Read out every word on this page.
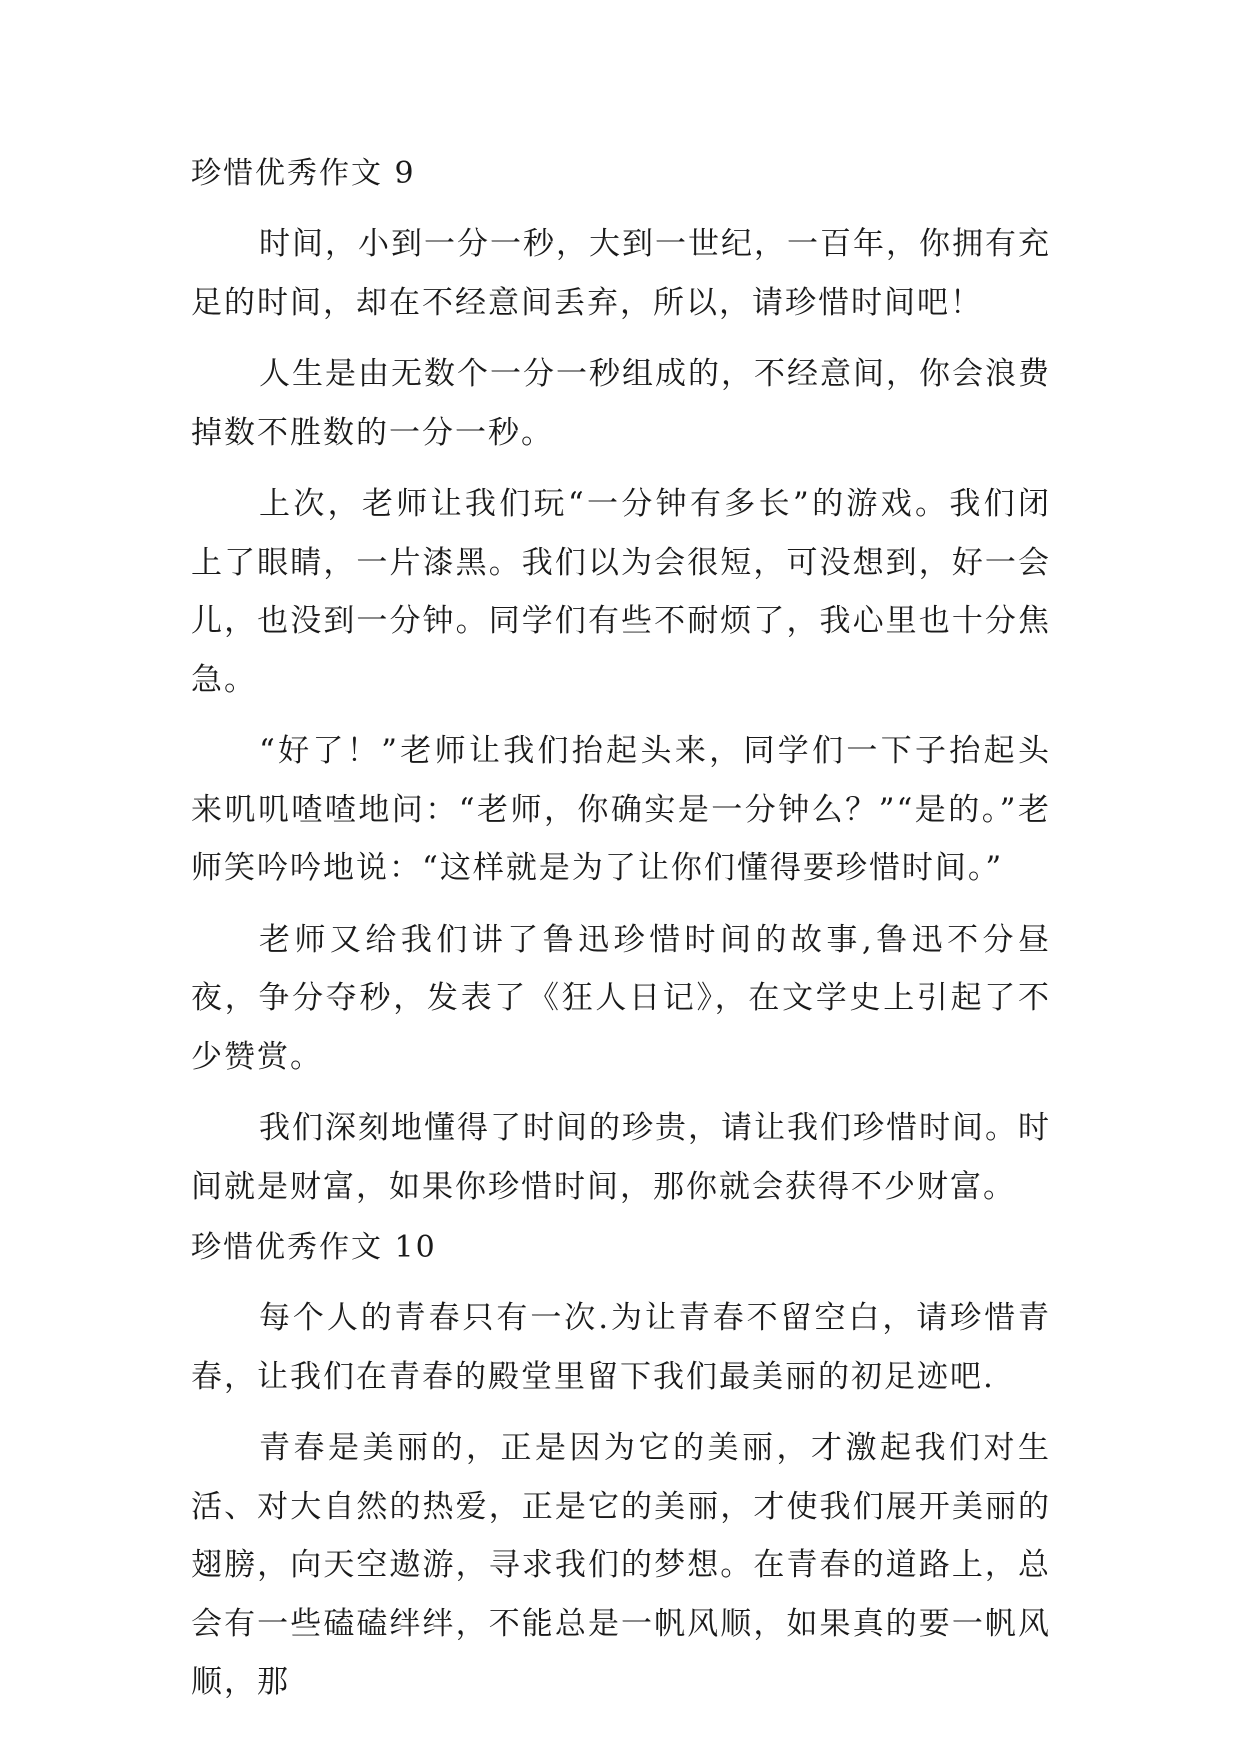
珍惜优秀作文 9

时间，小到一分一秒，大到一世纪，一百年，你拥有充足的时间，却在不经意间丢弃，所以，请珍惜时间吧！

人生是由无数个一分一秒组成的，不经意间，你会浪费掉数不胜数的一分一秒。

上次，老师让我们玩“一分钟有多长”的游戏。我们闭上了眼睛，一片漆黑。我们以为会很短，可没想到，好一会儿，也没到一分钟。同学们有些不耐烦了，我心里也十分焦急。

“好了！”老师让我们抬起头来，同学们一下子抬起头来叽叽喳喳地问：“老师，你确实是一分钟么？”“是的。”老师笑吟吟地说：“这样就是为了让你们懂得要珍惜时间。”

老师又给我们讲了鲁迅珍惜时间的故事,鲁迅不分昼夜，争分夺秒，发表了《狂人日记》，在文学史上引起了不少赞赏。

我们深刻地懂得了时间的珍贵，请让我们珍惜时间。时间就是财富，如果你珍惜时间，那你就会获得不少财富。

珍惜优秀作文 10

每个人的青春只有一次.为让青春不留空白，请珍惜青春，让我们在青春的殿堂里留下我们最美丽的初足迹吧.

青春是美丽的，正是因为它的美丽，才激起我们对生活、对大自然的热爱，正是它的美丽，才使我们展开美丽的翅膀，向天空遨游，寻求我们的梦想。在青春的道路上，总会有一些磕磕绊绊，不能总是一帆风顺，如果真的要一帆风顺，那
